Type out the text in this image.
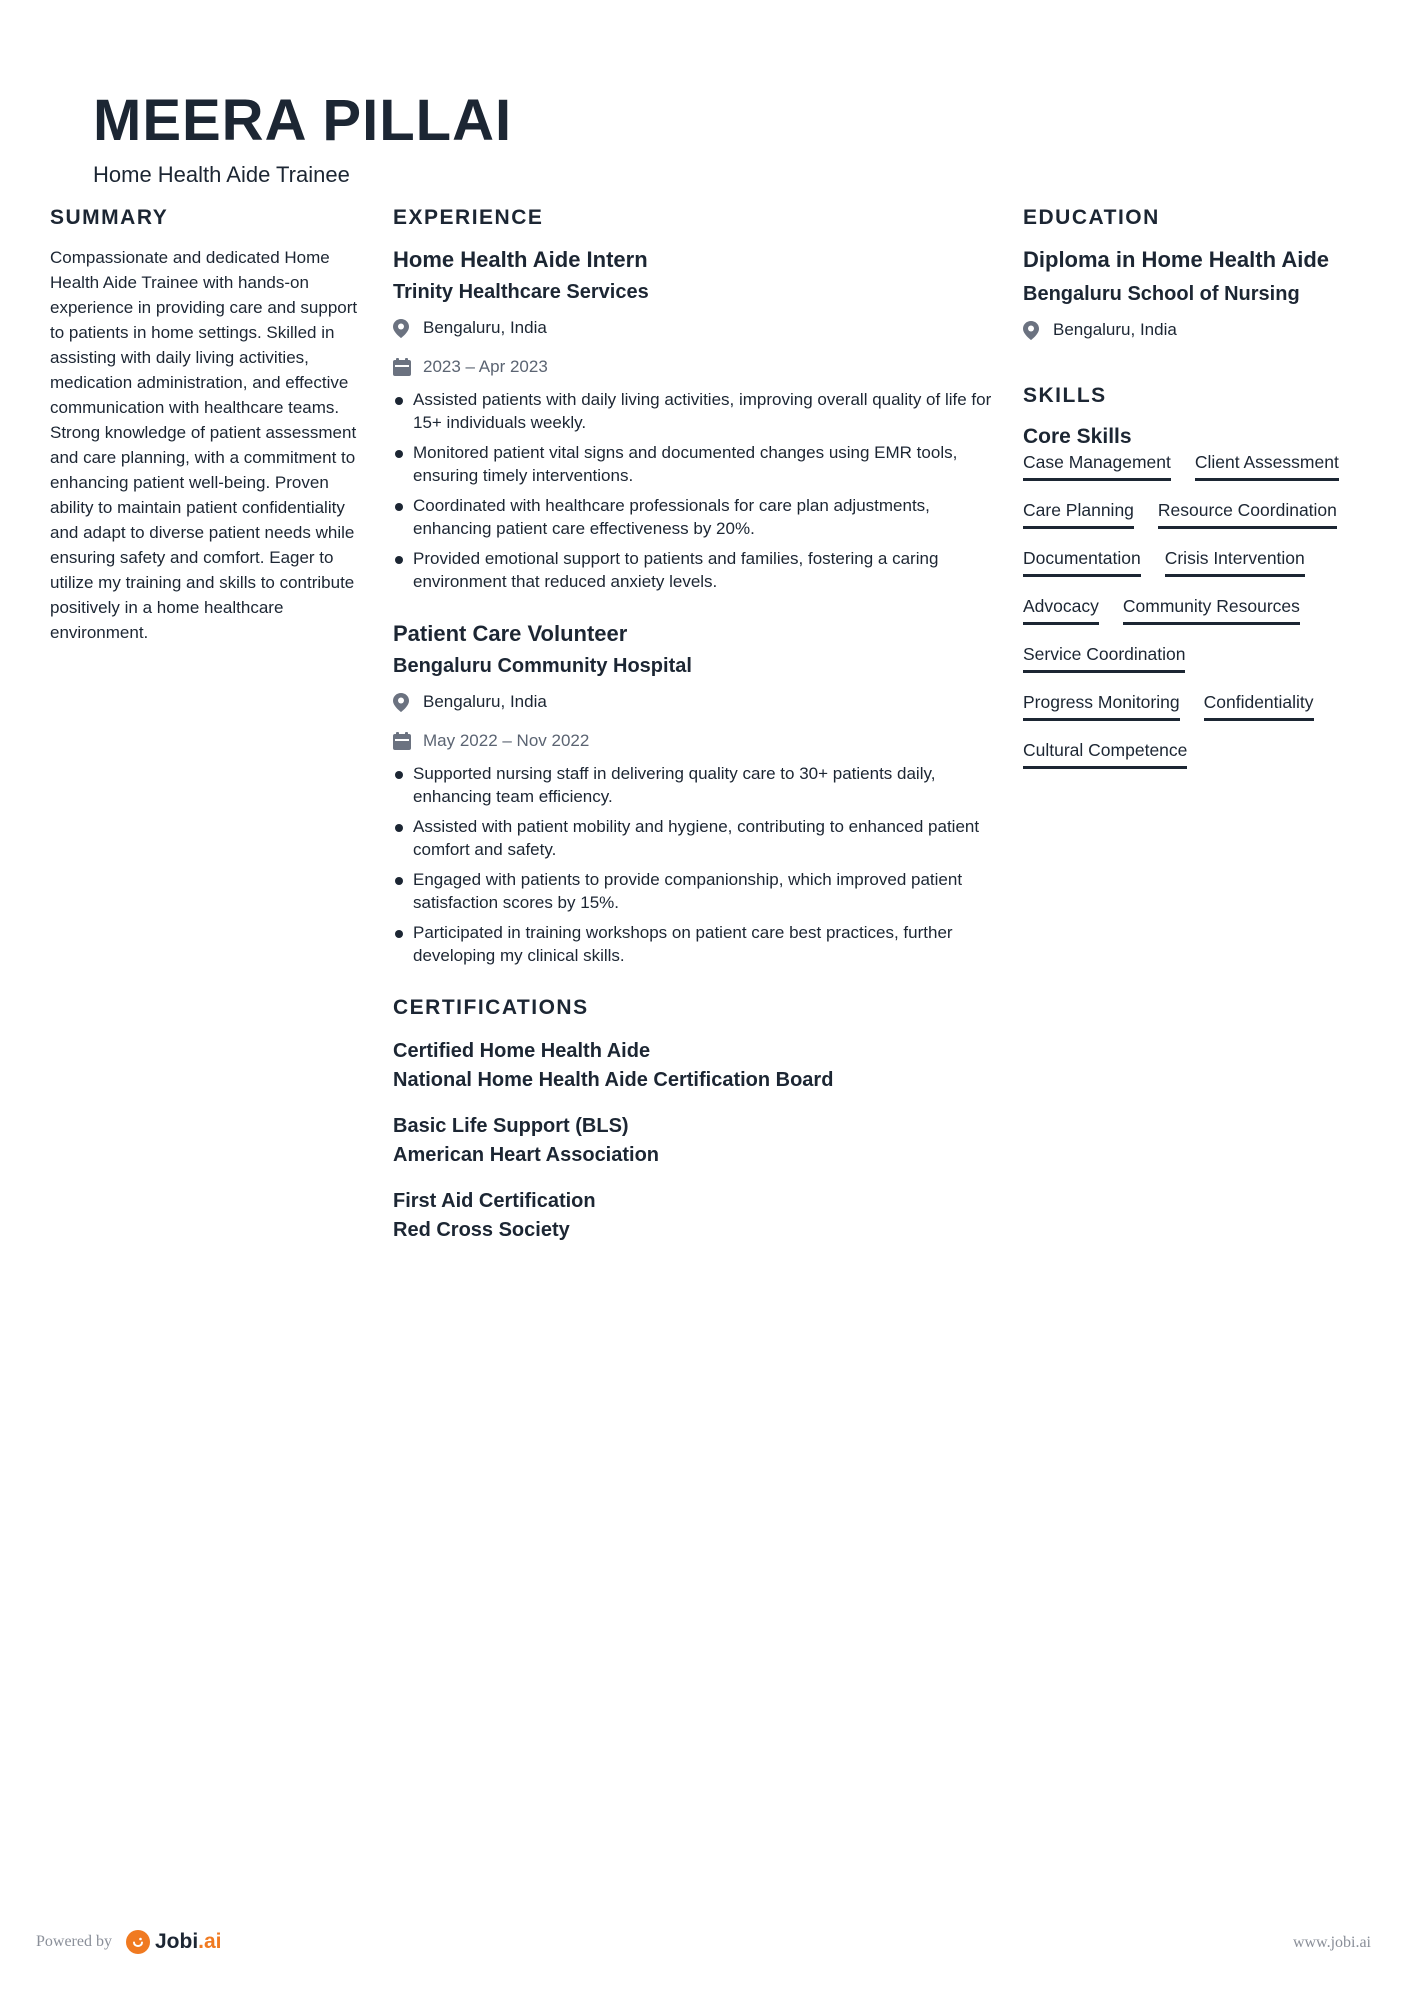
MEERA PILLAI
Home Health Aide Trainee
SUMMARY

Compassionate and dedicated Home Health Aide Trainee with hands-on experience in providing care and support to patients in home settings. Skilled in assisting with daily living activities, medication administration, and effective communication with healthcare teams. Strong knowledge of patient assessment and care planning, with a commitment to enhancing patient well-being. Proven ability to maintain patient confidentiality and adapt to diverse patient needs while ensuring safety and comfort. Eager to utilize my training and skills to contribute positively in a home healthcare environment.

EXPERIENCE
Home Health Aide Intern
Trinity Healthcare Services
Bengaluru, India
2023 – Apr 2023
Assisted patients with daily living activities, improving overall quality of life for 15+ individuals weekly.
Monitored patient vital signs and documented changes using EMR tools, ensuring timely interventions.
Coordinated with healthcare professionals for care plan adjustments, enhancing patient care effectiveness by 20%.
Provided emotional support to patients and families, fostering a caring environment that reduced anxiety levels.
Patient Care Volunteer
Bengaluru Community Hospital
Bengaluru, India
May 2022 – Nov 2022
Supported nursing staff in delivering quality care to 30+ patients daily, enhancing team efficiency.
Assisted with patient mobility and hygiene, contributing to enhanced patient comfort and safety.
Engaged with patients to provide companionship, which improved patient satisfaction scores by 15%.
Participated in training workshops on patient care best practices, further developing my clinical skills.
CERTIFICATIONS
Certified Home Health Aide
National Home Health Aide Certification Board
Basic Life Support (BLS)
American Heart Association
First Aid Certification
Red Cross Society
EDUCATION
Diploma in Home Health Aide
Bengaluru School of Nursing
Bengaluru, India
SKILLS
Core Skills
Case Management Client Assessment
Care Planning Resource Coordination
Documentation Crisis Intervention
Advocacy Community Resources
Service Coordination
Progress Monitoring Confidentiality
Cultural Competence
Powered by Jobi.ai	www.jobi.ai
